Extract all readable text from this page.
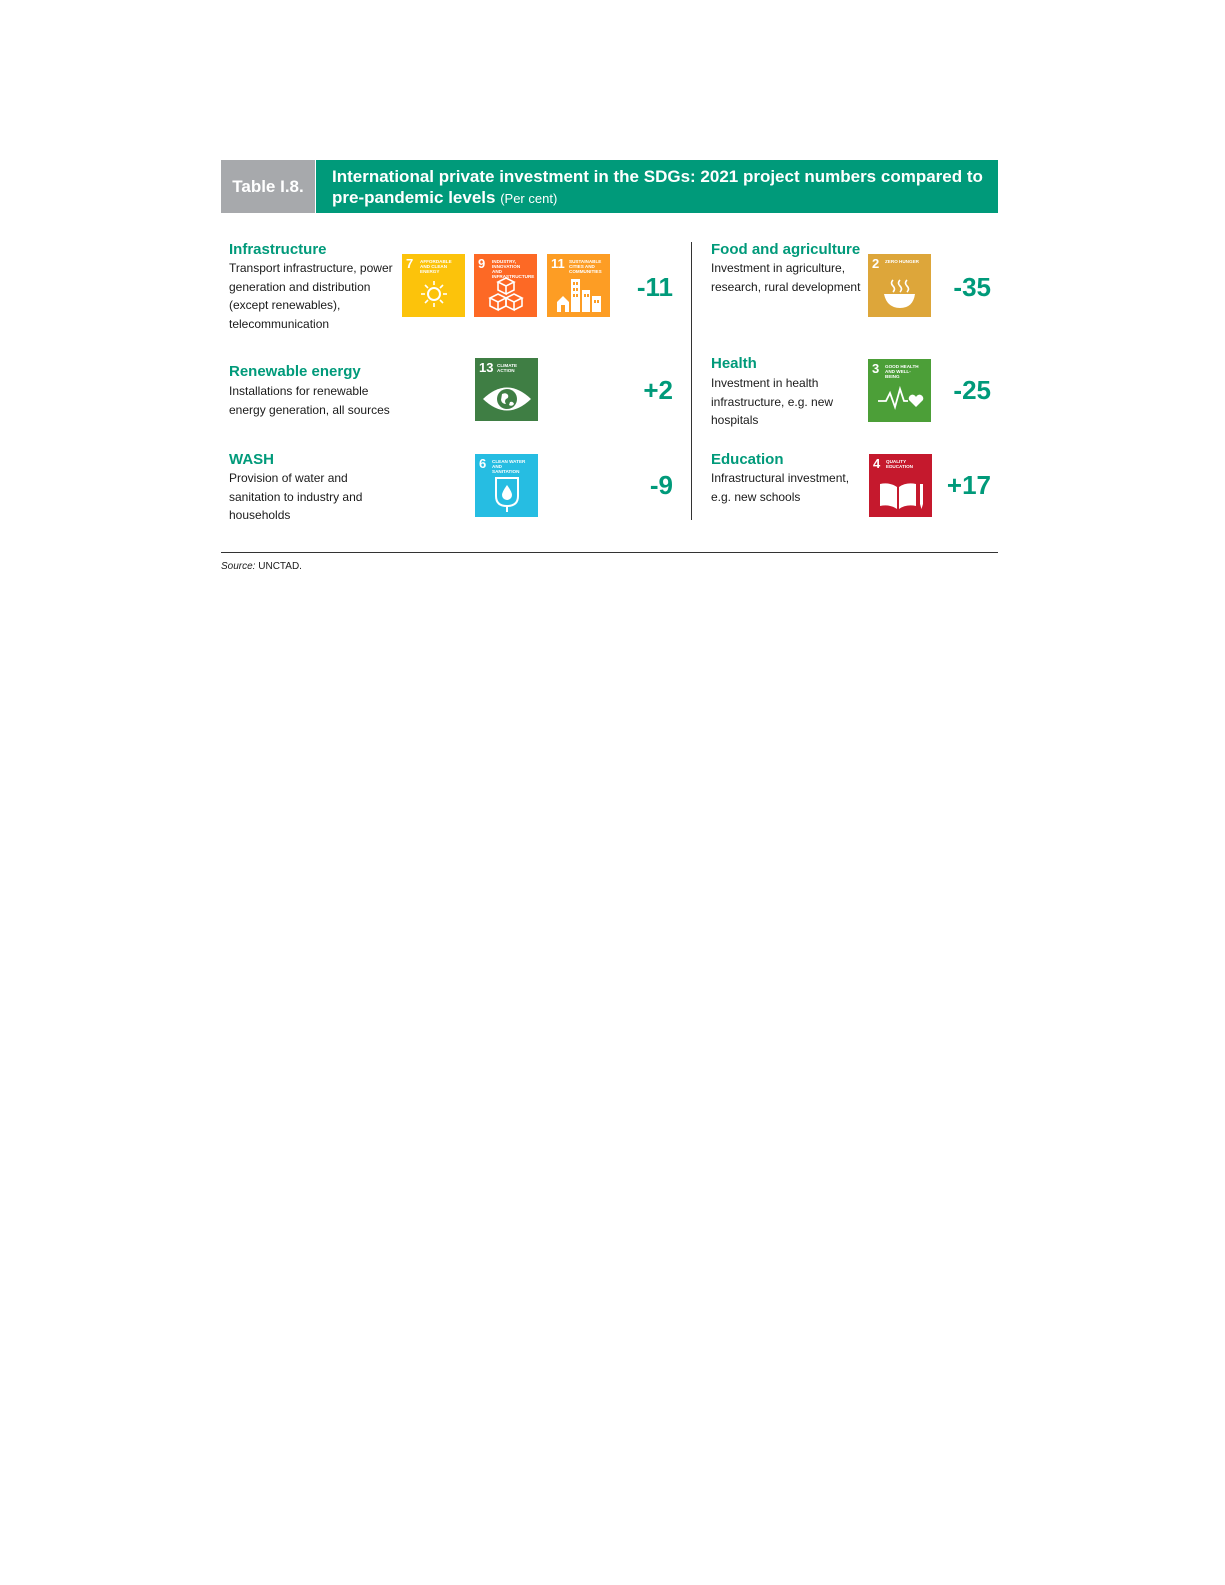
Table I.8.	International private investment in the SDGs: 2021 project numbers compared to pre-pandemic levels (Per cent)
Infrastructure
Transport infrastructure, power generation and distribution (except renewables), telecommunication
7 AFFORDABLE AND CLEAN ENERGY
9 INDUSTRY, INNOVATION AND INFRASTRUCTURE
11 SUSTAINABLE CITIES AND COMMUNITIES
-11
Renewable energy
Installations for renewable energy generation, all sources
13 CLIMATE ACTION
+2
WASH
Provision of water and sanitation to industry and households
6 CLEAN WATER AND SANITATION	-9
Food and agriculture
Investment in agriculture, research, rural development
2 ZERO HUNGER
-35
Health
Investment in health infrastructure, e.g. new hospitals
3 GOOD HEALTH AND WELL-BEING	-25
Education
Infrastructural investment, e.g. new schools
4 QUALITY EDUCATION
+17
Source: UNCTAD.
